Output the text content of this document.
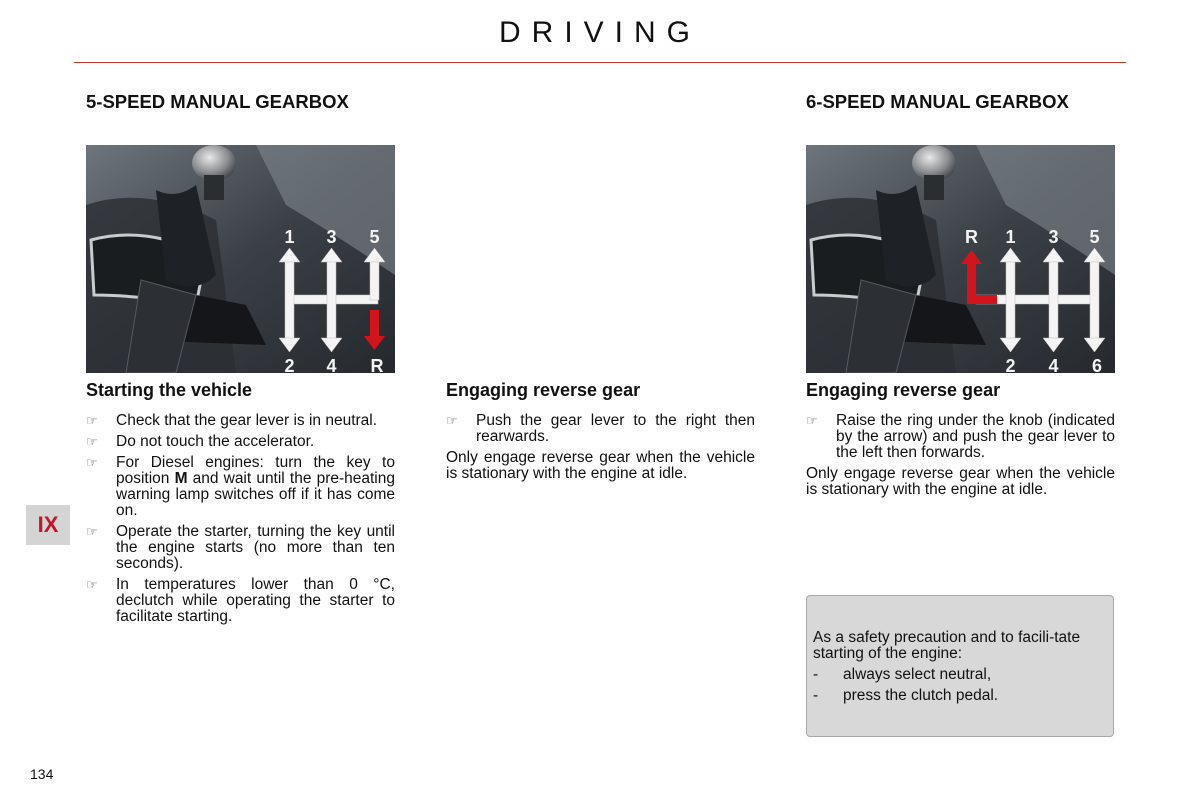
DRIVING
5-SPEED MANUAL GEARBOX
1 3 5
2 4 R
Starting the vehicle
☞	Check that the gear lever is in neutral.
☞	Do not touch the accelerator.
☞	For Diesel engines: turn the key to position M and wait until the pre-heating warning lamp switches off if it has come on.
☞	Operate the starter, turning the key until the engine starts (no more than ten seconds).
☞	In temperatures lower than 0 °C, declutch while operating the starter to facilitate starting.
Engaging reverse gear
☞	Push the gear lever to the right then rearwards.
Only engage reverse gear when the vehicle is stationary with the engine at idle.
6-SPEED MANUAL GEARBOX
R 1 3 5
2 4 6
Engaging reverse gear
☞	Raise the ring under the knob (indicated by the arrow) and push the gear lever to the left then forwards.
Only engage reverse gear when the vehicle is stationary with the engine at idle.
As a safety precaution and to facili-tate starting of the engine:
-	always select neutral,
-	press the clutch pedal.
IX
134
